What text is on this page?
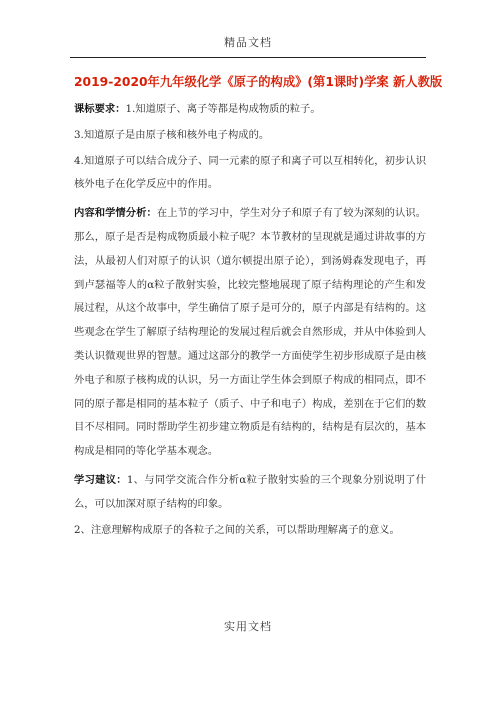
精品文档
2019-2020年九年级化学《原子的构成》(第1课时)学案 新人教版

课标要求：1.知道原子、离子等都是构成物质的粒子。

3.知道原子是由原子核和核外电子构成的。

4.知道原子可以结合成分子、同一元素的原子和离子可以互相转化，初步认识核外电子在化学反应中的作用。

内容和学情分析：在上节的学习中，学生对分子和原子有了较为深刻的认识。那么，原子是否是构成物质最小粒子呢？本节教材的呈现就是通过讲故事的方法，从最初人们对原子的认识（道尔顿提出原子论），到汤姆森发现电子，再到卢瑟福等人的α粒子散射实验，比较完整地展现了原子结构理论的产生和发展过程，从这个故事中，学生确信了原子是可分的，原子内部是有结构的。这些观念在学生了解原子结构理论的发展过程后就会自然形成，并从中体验到人类认识微观世界的智慧。通过这部分的教学一方面使学生初步形成原子是由核外电子和原子核构成的认识，另一方面让学生体会到原子构成的相同点，即不同的原子都是相同的基本粒子（质子、中子和电子）构成，差别在于它们的数目不尽相同。同时帮助学生初步建立物质是有结构的，结构是有层次的，基本构成是相同的等化学基本观念。

学习建议：1、与同学交流合作分析α粒子散射实验的三个现象分别说明了什么，可以加深对原子结构的印象。

2、注意理解构成原子的各粒子之间的关系，可以帮助理解离子的意义。

实用文档
